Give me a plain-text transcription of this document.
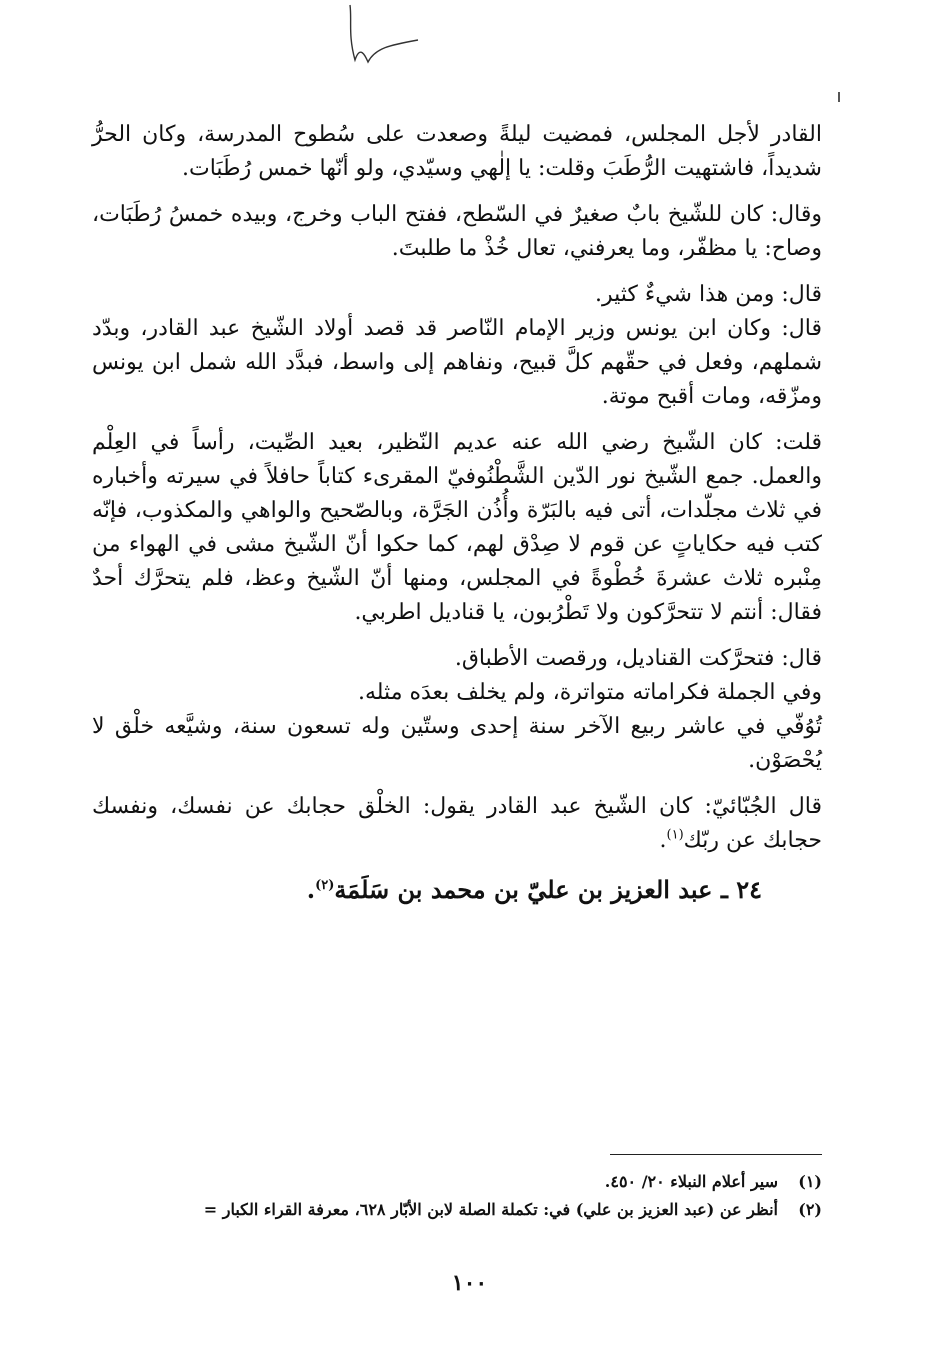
القادر لأجل المجلس، فمضيت ليلةً وصعدت على سُطوح المدرسة، وكان الحرُّ شديداً، فاشتهيت الرُّطَبَ وقلت: يا إلٰهي وسيّدي، ولو أنّها خمس رُطَبَات.

وقال: كان للشّيخ بابٌ صغيرٌ في السّطح، ففتح الباب وخرج، وبيده خمسُ رُطَبَات، وصاح: يا مظفّر، وما يعرفني، تعال خُذْ ما طلبتَ.

قال: ومن هذا شيءٌ كثير.

قال: وكان ابن يونس وزير الإمام النّاصر قد قصد أولاد الشّيخ عبد القادر، وبدّد شملهم، وفعل في حقّهم كلَّ قبيح، ونفاهم إلى واسط، فبدَّد الله شمل ابن يونس ومزّقه، ومات أقبح موتة.

قلت: كان الشّيخ رضي الله عنه عديم النّظير، بعيد الصِّيت، رأساً في العِلْم والعمل. جمع الشّيخ نور الدّين الشَّطْنُوفيّ المقرىء كتاباً حافلاً في سيرته وأخباره في ثلاث مجلّدات، أتى فيه بالبَرّة وأُذُن الجَرَّة، وبالصّحيح والواهي والمكذوب، فإنّه كتب فيه حكاياتٍ عن قوم لا صِدْق لهم، كما حكوا أنّ الشّيخ مشى في الهواء من مِنْبره ثلاث عشرةَ خُطْوةً في المجلس، ومنها أنّ الشّيخ وعظ، فلم يتحرَّك أحدٌ فقال: أنتم لا تتحرَّكون ولا تَطْرُبون، يا قناديل اطربي.

قال: فتحرَّكت القناديل، ورقصت الأطباق.

وفي الجملة فكراماته متواترة، ولم يخلف بعدَه مثله.

تُوُفّي في عاشر ربيع الآخر سنة إحدى وستّين وله تسعون سنة، وشيَّعه خلْق لا يُحْصَوْن.

قال الجُبّائيّ: كان الشّيخ عبد القادر يقول: الخلْق حجابك عن نفسك، ونفسك حجابك عن ربّك$^{(١)}$.

٢٤ ـ عبد العزيز بن عليّ بن محمد بن سَلَمَة$^{(٢)}$.

(١)
سير أعلام النبلاء ٢٠/ ٤٥٠.
(٢)
أنظر عن (عبد العزيز بن علي) في: تكملة الصلة لابن الأبّار ٦٢٨، معرفة القراء الكبار =
١٠٠
